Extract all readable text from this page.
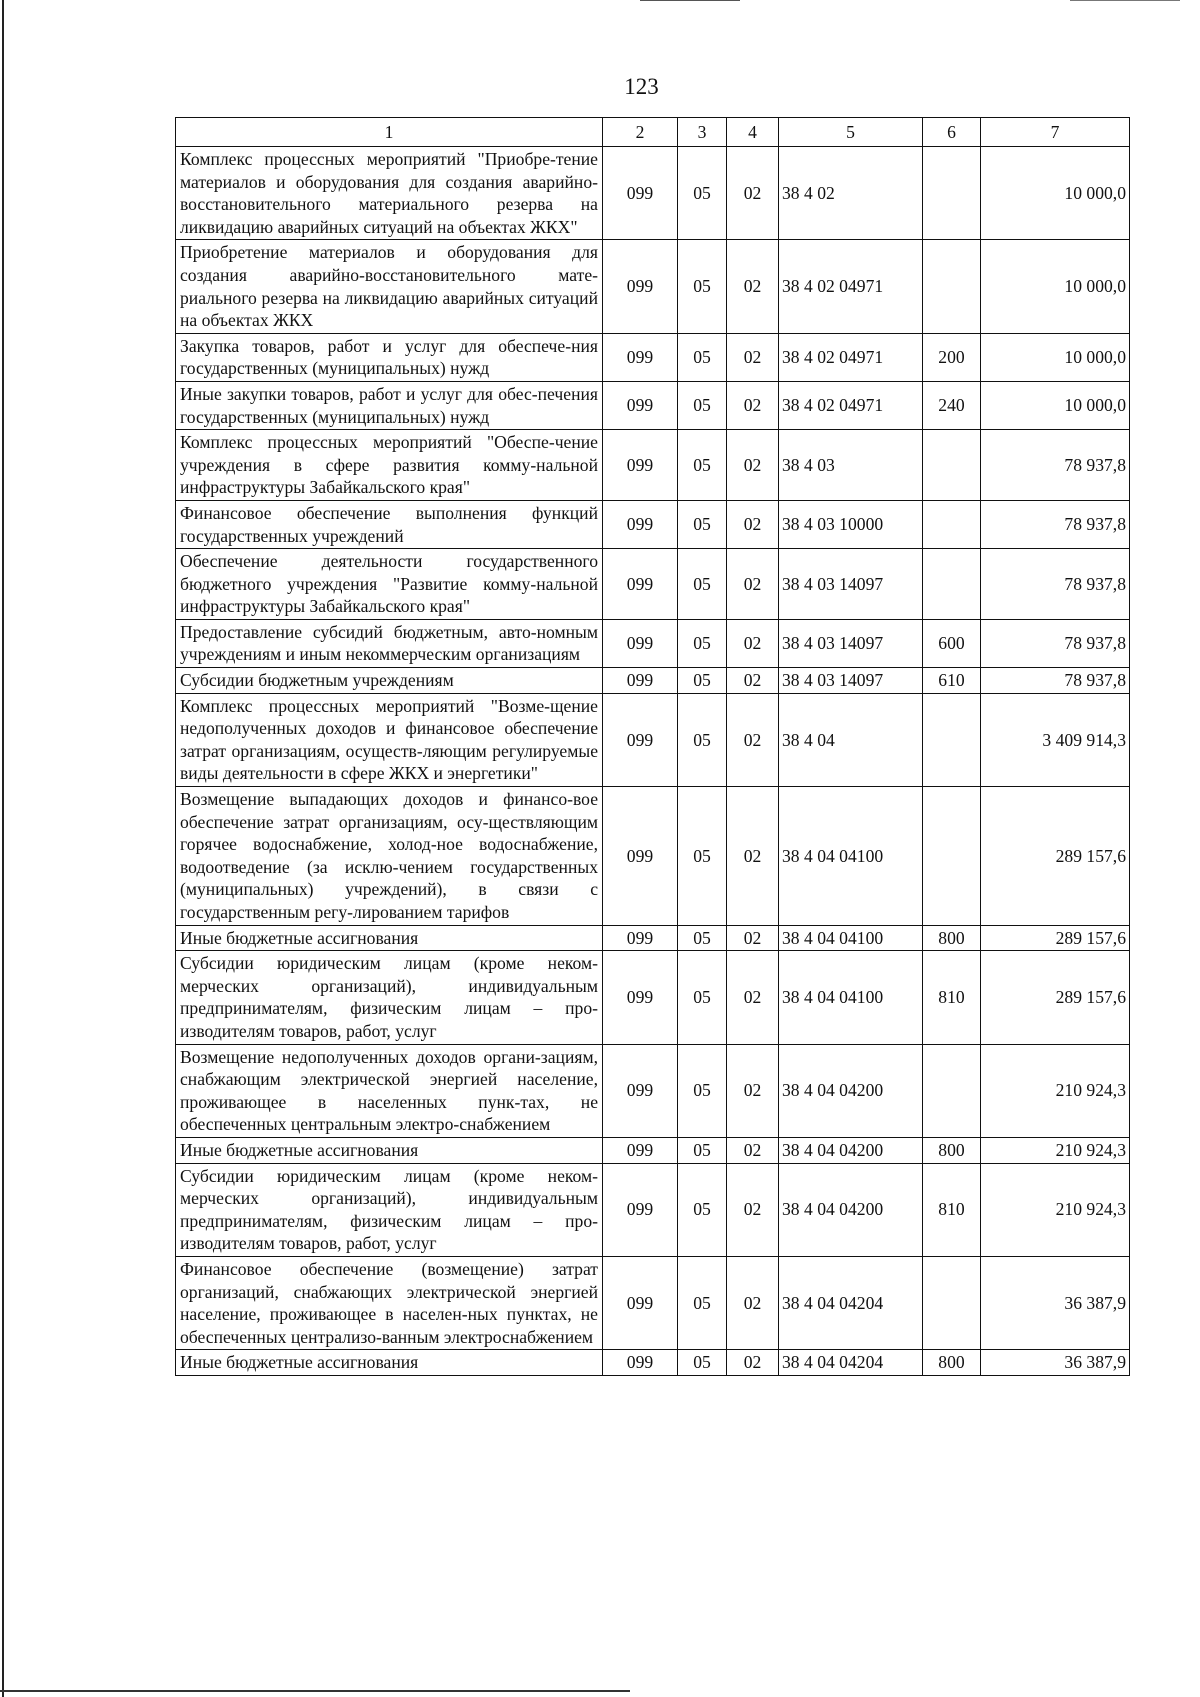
123
1	2	3	4	5	6	7
Комплекс процессных мероприятий "Приобре-тение материалов и оборудования для создания аварийно-восстановительного материального резерва на ликвидацию аварийных ситуаций на объектах ЖКХ"	099	05	02	38 4 02		10 000,0
Приобретение материалов и оборудования для создания аварийно-восстановительного мате-риального резерва на ликвидацию аварийных ситуаций на объектах ЖКХ	099	05	02	38 4 02 04971		10 000,0
Закупка товаров, работ и услуг для обеспече-ния государственных (муниципальных) нужд	099	05	02	38 4 02 04971	200	10 000,0
Иные закупки товаров, работ и услуг для обес-печения государственных (муниципальных) нужд	099	05	02	38 4 02 04971	240	10 000,0
Комплекс процессных мероприятий "Обеспе-чение учреждения в сфере развития комму-нальной инфраструктуры Забайкальского края"	099	05	02	38 4 03		78 937,8
Финансовое обеспечение выполнения функций государственных учреждений	099	05	02	38 4 03 10000		78 937,8
Обеспечение деятельности государственного бюджетного учреждения "Развитие комму-нальной инфраструктуры Забайкальского края"	099	05	02	38 4 03 14097		78 937,8
Предоставление субсидий бюджетным, авто-номным учреждениям и иным некоммерческим организациям	099	05	02	38 4 03 14097	600	78 937,8
Субсидии бюджетным учреждениям	099	05	02	38 4 03 14097	610	78 937,8
Комплекс процессных мероприятий "Возме-щение недополученных доходов и финансовое обеспечение затрат организациям, осуществ-ляющим регулируемые виды деятельности в сфере ЖКХ и энергетики"	099	05	02	38 4 04		3 409 914,3
Возмещение выпадающих доходов и финансо-вое обеспечение затрат организациям, осу-ществляющим горячее водоснабжение, холод-ное водоснабжение, водоотведение (за исклю-чением государственных (муниципальных) учреждений), в связи с государственным регу-лированием тарифов	099	05	02	38 4 04 04100		289 157,6
Иные бюджетные ассигнования	099	05	02	38 4 04 04100	800	289 157,6
Субсидии юридическим лицам (кроме неком-мерческих организаций), индивидуальным предпринимателям, физическим лицам – про-изводителям товаров, работ, услуг	099	05	02	38 4 04 04100	810	289 157,6
Возмещение недополученных доходов органи-зациям, снабжающим электрической энергией население, проживающее в населенных пунк-тах, не обеспеченных центральным электро-снабжением	099	05	02	38 4 04 04200		210 924,3
Иные бюджетные ассигнования	099	05	02	38 4 04 04200	800	210 924,3
Субсидии юридическим лицам (кроме неком-мерческих организаций), индивидуальным предпринимателям, физическим лицам – про-изводителям товаров, работ, услуг	099	05	02	38 4 04 04200	810	210 924,3
Финансовое обеспечение (возмещение) затрат организаций, снабжающих электрической энергией население, проживающее в населен-ных пунктах, не обеспеченных централизо-ванным электроснабжением	099	05	02	38 4 04 04204		36 387,9
Иные бюджетные ассигнования	099	05	02	38 4 04 04204	800	36 387,9
